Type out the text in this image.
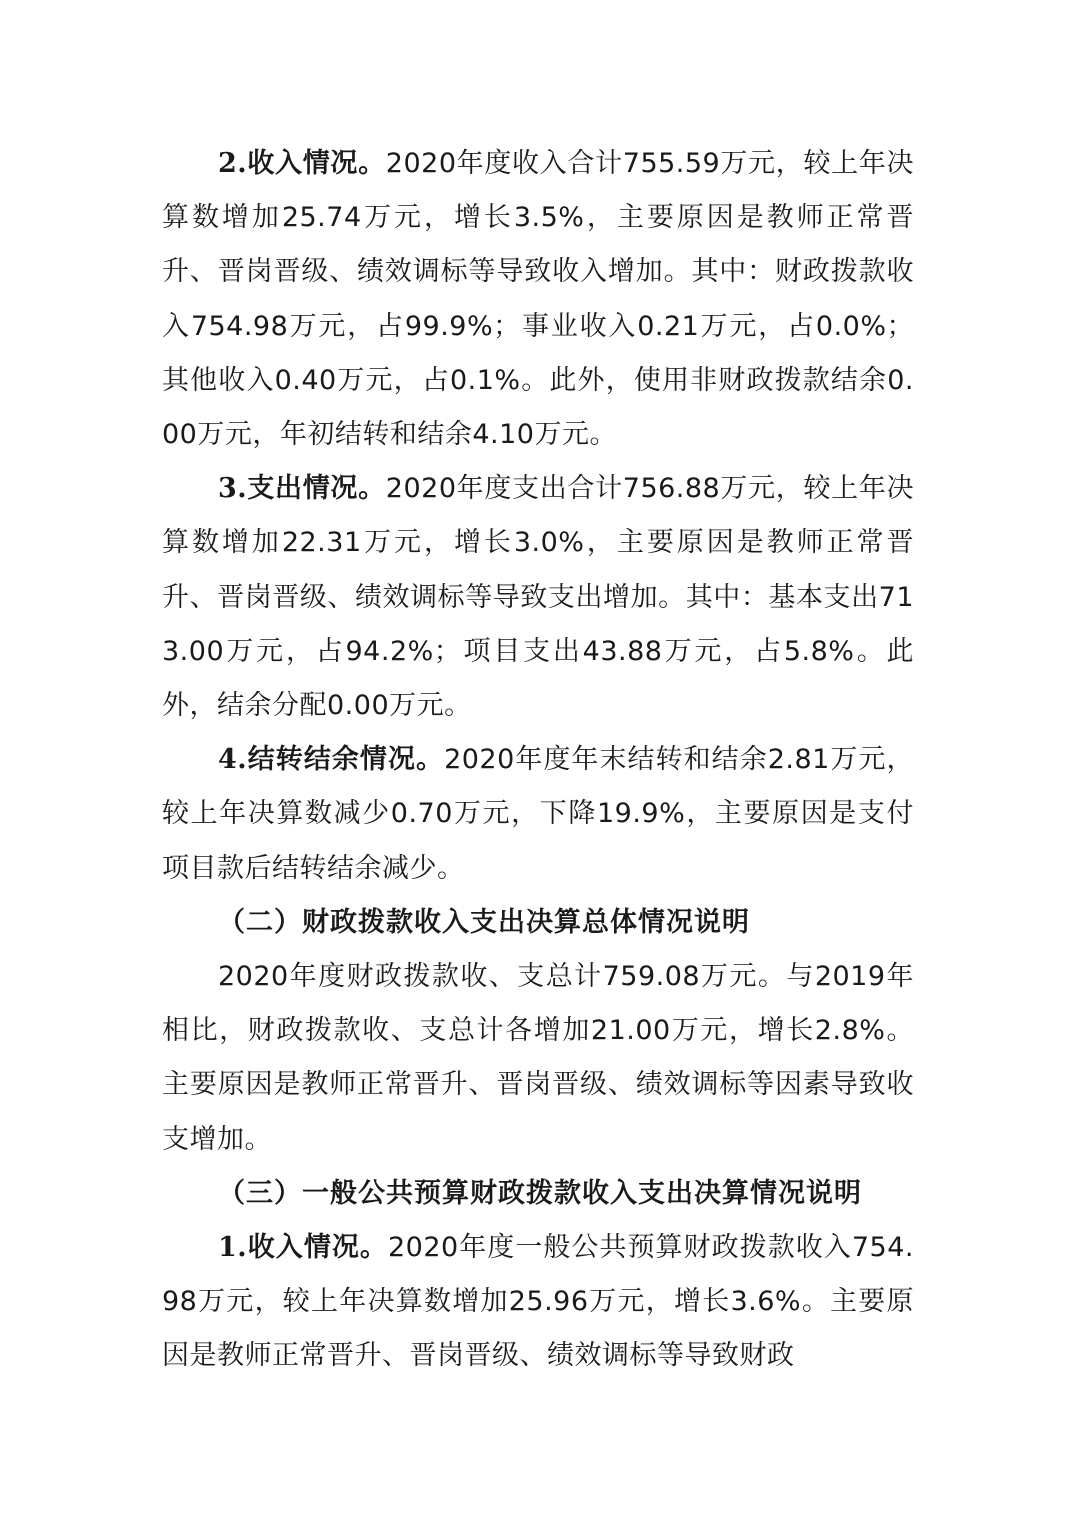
2.收入情况。2020年度收入合计755.59万元，较上年决算数增加25.74万元，增长3.5%，主要原因是教师正常晋升、晋岗晋级、绩效调标等导致收入增加。其中：财政拨款收入754.98万元，占99.9%；事业收入0.21万元，占0.0%；其他收入0.40万元，占0.1%。此外，使用非财政拨款结余0.00万元，年初结转和结余4.10万元。

3.支出情况。2020年度支出合计756.88万元，较上年决算数增加22.31万元，增长3.0%，主要原因是教师正常晋升、晋岗晋级、绩效调标等导致支出增加。其中：基本支出713.00万元，占94.2%；项目支出43.88万元，占5.8%。此外，结余分配0.00万元。

4.结转结余情况。2020年度年末结转和结余2.81万元，较上年决算数减少0.70万元，下降19.9%，主要原因是支付项目款后结转结余减少。

（二）财政拨款收入支出决算总体情况说明

2020年度财政拨款收、支总计759.08万元。与2019年相比，财政拨款收、支总计各增加21.00万元，增长2.8%。主要原因是教师正常晋升、晋岗晋级、绩效调标等因素导致收支增加。

（三）一般公共预算财政拨款收入支出决算情况说明

1.收入情况。2020年度一般公共预算财政拨款收入754.98万元，较上年决算数增加25.96万元，增长3.6%。主要原因是教师正常晋升、晋岗晋级、绩效调标等导致财政
